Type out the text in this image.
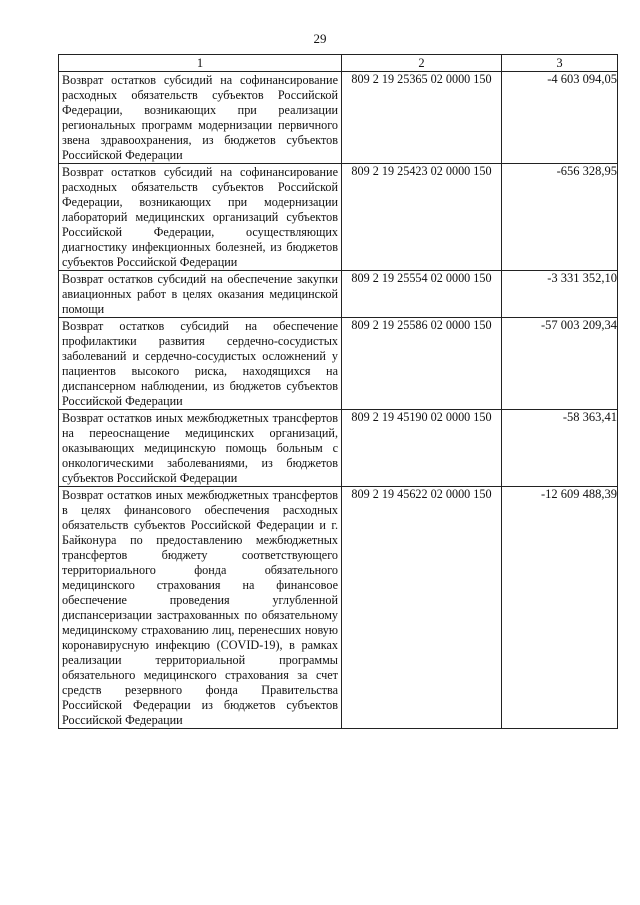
29
1	2	3

Возврат остатков субсидий на софинансирование расходных обязательств субъектов Российской Федерации, возникающих при реализации региональных программ модернизации первичного звена здравоохранения, из бюджетов субъектов Российской Федерации	809 2 19 25365 02 0000 150	-4 603 094,05

Возврат остатков субсидий на софинансирование расходных обязательств субъектов Российской Федерации, возникающих при модернизации лабораторий медицинских организаций субъектов Российской Федерации, осуществляющих диагностику инфекционных болезней, из бюджетов субъектов Российской Федерации	809 2 19 25423 02 0000 150	-656 328,95

Возврат остатков субсидий на обеспечение закупки авиационных работ в целях оказания медицинской помощи	809 2 19 25554 02 0000 150	-3 331 352,10

Возврат остатков субсидий на обеспечение профилактики развития сердечно-сосудистых заболеваний и сердечно-сосудистых осложнений у пациентов высокого риска, находящихся на диспансерном наблюдении, из бюджетов субъектов Российской Федерации	809 2 19 25586 02 0000 150	-57 003 209,34

Возврат остатков иных межбюджетных трансфертов на переоснащение медицинских организаций, оказывающих медицинскую помощь больным с онкологическими заболеваниями, из бюджетов субъектов Российской Федерации	809 2 19 45190 02 0000 150	-58 363,41

Возврат остатков иных межбюджетных трансфертов в целях финансового обеспечения расходных обязательств субъектов Российской Федерации и г. Байконура по предоставлению межбюджетных трансфертов бюджету соответствующего территориального фонда обязательного медицинского страхования на финансовое обеспечение проведения углубленной диспансеризации застрахованных по обязательному медицинскому страхованию лиц, перенесших новую коронавирусную инфекцию (COVID-19), в рамках реализации территориальной программы обязательного медицинского страхования за счет средств резервного фонда Правительства Российской Федерации из бюджетов субъектов Российской Федерации	809 2 19 45622 02 0000 150	-12 609 488,39
